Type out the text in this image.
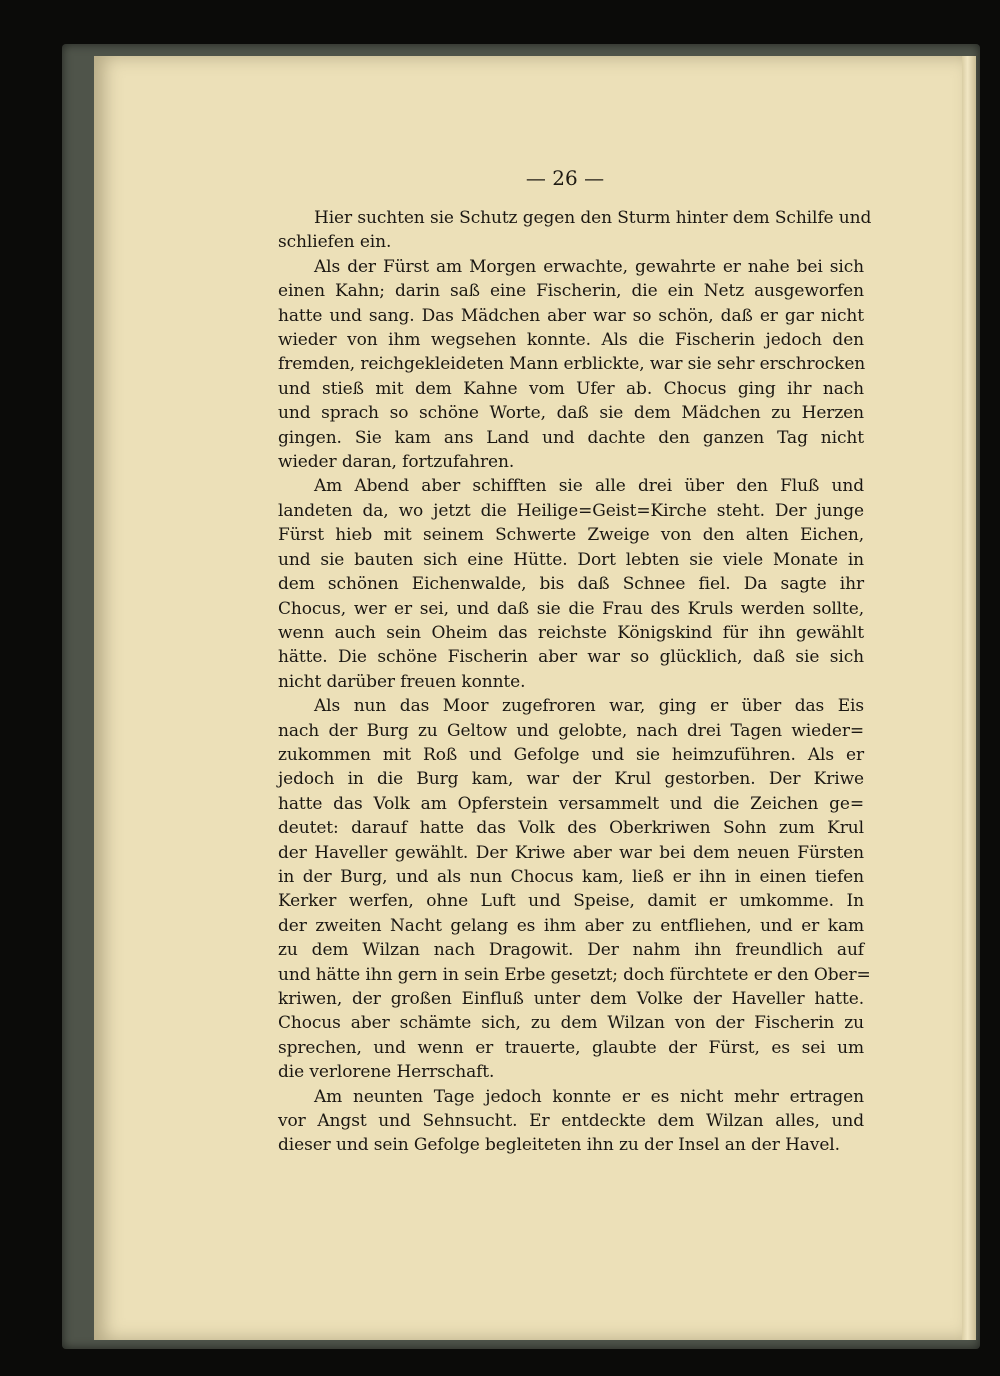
— 26 —

Hier suchten sie Schutz gegen den Sturm hinter dem Schilfe und
schliefen ein.

Als der Fürst am Morgen erwachte, gewahrte er nahe bei sich
einen Kahn; darin saß eine Fischerin, die ein Netz ausgeworfen
hatte und sang. Das Mädchen aber war so schön, daß er gar nicht
wieder von ihm wegsehen konnte. Als die Fischerin jedoch den
fremden, reichgekleideten Mann erblickte, war sie sehr erschrocken
und stieß mit dem Kahne vom Ufer ab. Chocus ging ihr nach
und sprach so schöne Worte, daß sie dem Mädchen zu Herzen
gingen. Sie kam ans Land und dachte den ganzen Tag nicht
wieder daran, fortzufahren.

Am Abend aber schifften sie alle drei über den Fluß und
landeten da, wo jetzt die Heilige=Geist=Kirche steht. Der junge
Fürst hieb mit seinem Schwerte Zweige von den alten Eichen,
und sie bauten sich eine Hütte. Dort lebten sie viele Monate in
dem schönen Eichenwalde, bis daß Schnee fiel. Da sagte ihr
Chocus, wer er sei, und daß sie die Frau des Kruls werden sollte,
wenn auch sein Oheim das reichste Königskind für ihn gewählt
hätte. Die schöne Fischerin aber war so glücklich, daß sie sich
nicht darüber freuen konnte.

Als nun das Moor zugefroren war, ging er über das Eis
nach der Burg zu Geltow und gelobte, nach drei Tagen wieder=
zukommen mit Roß und Gefolge und sie heimzuführen. Als er
jedoch in die Burg kam, war der Krul gestorben. Der Kriwe
hatte das Volk am Opferstein versammelt und die Zeichen ge=
deutet: darauf hatte das Volk des Oberkriwen Sohn zum Krul
der Haveller gewählt. Der Kriwe aber war bei dem neuen Fürsten
in der Burg, und als nun Chocus kam, ließ er ihn in einen tiefen
Kerker werfen, ohne Luft und Speise, damit er umkomme. In
der zweiten Nacht gelang es ihm aber zu entfliehen, und er kam
zu dem Wilzan nach Dragowit. Der nahm ihn freundlich auf
und hätte ihn gern in sein Erbe gesetzt; doch fürchtete er den Ober=
kriwen, der großen Einfluß unter dem Volke der Haveller hatte.
Chocus aber schämte sich, zu dem Wilzan von der Fischerin zu
sprechen, und wenn er trauerte, glaubte der Fürst, es sei um
die verlorene Herrschaft.

Am neunten Tage jedoch konnte er es nicht mehr ertragen
vor Angst und Sehnsucht. Er entdeckte dem Wilzan alles, und
dieser und sein Gefolge begleiteten ihn zu der Insel an der Havel.
